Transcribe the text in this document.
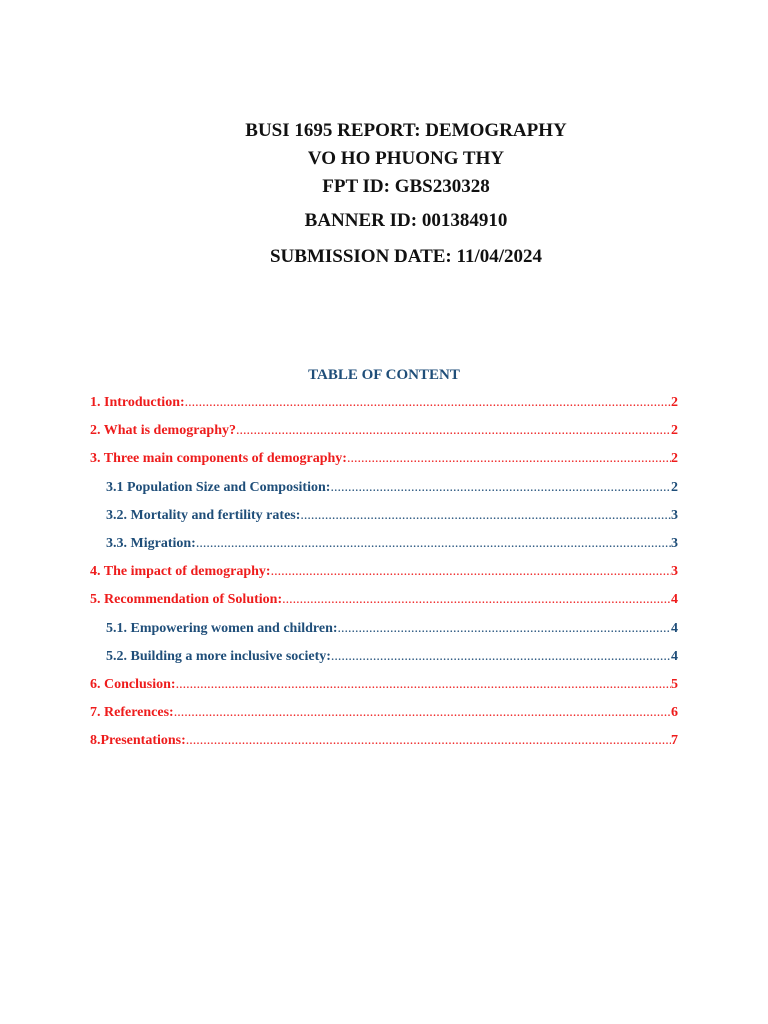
BUSI 1695 REPORT: DEMOGRAPHY
VO HO PHUONG THY
FPT ID: GBS230328
BANNER ID: 001384910
SUBMISSION DATE: 11/04/2024
TABLE OF CONTENT
1. Introduction: .....	2
2. What is demography? .....	2
3. Three main components of demography: .....	2
3.1 Population Size and Composition: .....	2
3.2. Mortality and fertility rates: .....	3
3.3. Migration: .....	3
4. The impact of demography: .....	3
5. Recommendation of Solution: .....	4
5.1. Empowering women and children: .....	4
5.2. Building a more inclusive society: .....	4
6. Conclusion: .....	5
7. References: .....	6
8.Presentations: .....	7
